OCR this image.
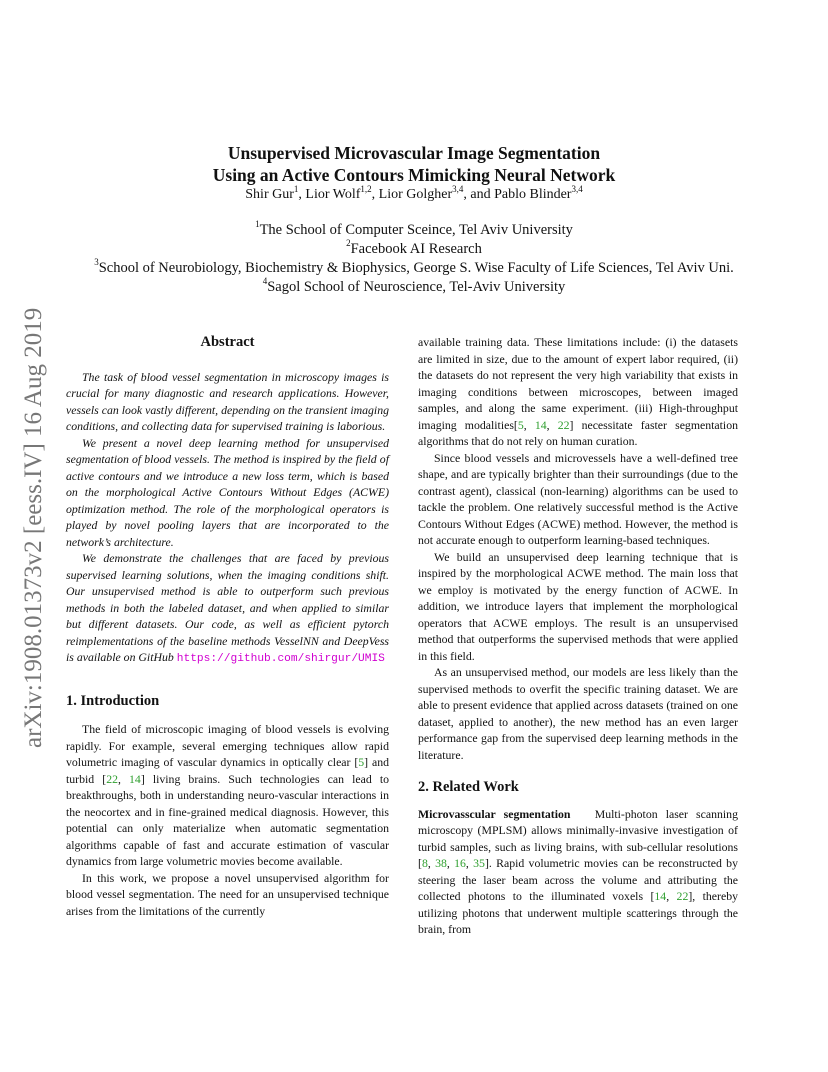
arXiv:1908.01373v2 [eess.IV] 16 Aug 2019
Unsupervised Microvascular Image Segmentation
Using an Active Contours Mimicking Neural Network
Shir Gur$^1$, Lior Wolf$^{1,2}$, Lior Golgher$^{3,4}$, and Pablo Blinder$^{3,4}$
$^1$The School of Computer Sceince, Tel Aviv University
$^2$Facebook AI Research
$^3$School of Neurobiology, Biochemistry & Biophysics, George S. Wise Faculty of Life Sciences, Tel Aviv Uni.
$^4$Sagol School of Neuroscience, Tel-Aviv University
Abstract

The task of blood vessel segmentation in microscopy images is crucial for many diagnostic and research applications. However, vessels can look vastly different, depending on the transient imaging conditions, and collecting data for supervised training is laborious.

We present a novel deep learning method for unsupervised segmentation of blood vessels. The method is inspired by the field of active contours and we introduce a new loss term, which is based on the morphological Active Contours Without Edges (ACWE) optimization method. The role of the morphological operators is played by novel pooling layers that are incorporated to the network’s architecture.

We demonstrate the challenges that are faced by previous supervised learning solutions, when the imaging conditions shift. Our unsupervised method is able to outperform such previous methods in both the labeled dataset, and when applied to similar but different datasets. Our code, as well as efficient pytorch reimplementations of the baseline methods VesselNN and DeepVess is available on GitHub https://github.com/shirgur/UMIS

1. Introduction

The field of microscopic imaging of blood vessels is evolving rapidly. For example, several emerging techniques allow rapid volumetric imaging of vascular dynamics in optically clear [5] and turbid [22, 14] living brains. Such technologies can lead to breakthroughs, both in understanding neuro-vascular interactions in the neocortex and in fine-grained medical diagnosis. However, this potential can only materialize when automatic segmentation algorithms capable of fast and accurate estimation of vascular dynamics from large volumetric movies become available.

In this work, we propose a novel unsupervised algorithm for blood vessel segmentation. The need for an unsupervised technique arises from the limitations of the currently

available training data. These limitations include: (i) the datasets are limited in size, due to the amount of expert labor required, (ii) the datasets do not represent the very high variability that exists in imaging conditions between microscopes, between imaged samples, and along the same experiment. (iii) High-throughput imaging modalities[5, 14, 22] necessitate faster segmentation algorithms that do not rely on human curation.

Since blood vessels and microvessels have a well-defined tree shape, and are typically brighter than their surroundings (due to the contrast agent), classical (non-learning) algorithms can be used to tackle the problem. One relatively successful method is the Active Contours Without Edges (ACWE) method. However, the method is not accurate enough to outperform learning-based techniques.

We build an unsupervised deep learning technique that is inspired by the morphological ACWE method. The main loss that we employ is motivated by the energy function of ACWE. In addition, we introduce layers that implement the morphological operators that ACWE employs. The result is an unsupervised method that outperforms the supervised methods that were applied in this field.

As an unsupervised method, our models are less likely than the supervised methods to overfit the specific training dataset. We are able to present evidence that applied across datasets (trained on one dataset, applied to another), the new method has an even larger performance gap from the supervised deep learning methods in the literature.

2. Related Work

Microvasscular segmentation Multi-photon laser scanning microscopy (MPLSM) allows minimally-invasive investigation of turbid samples, such as living brains, with sub-cellular resolutions [8, 38, 16, 35]. Rapid volumetric movies can be reconstructed by steering the laser beam across the volume and attributing the collected photons to the illuminated voxels [14, 22], thereby utilizing photons that underwent multiple scatterings through the brain, from
